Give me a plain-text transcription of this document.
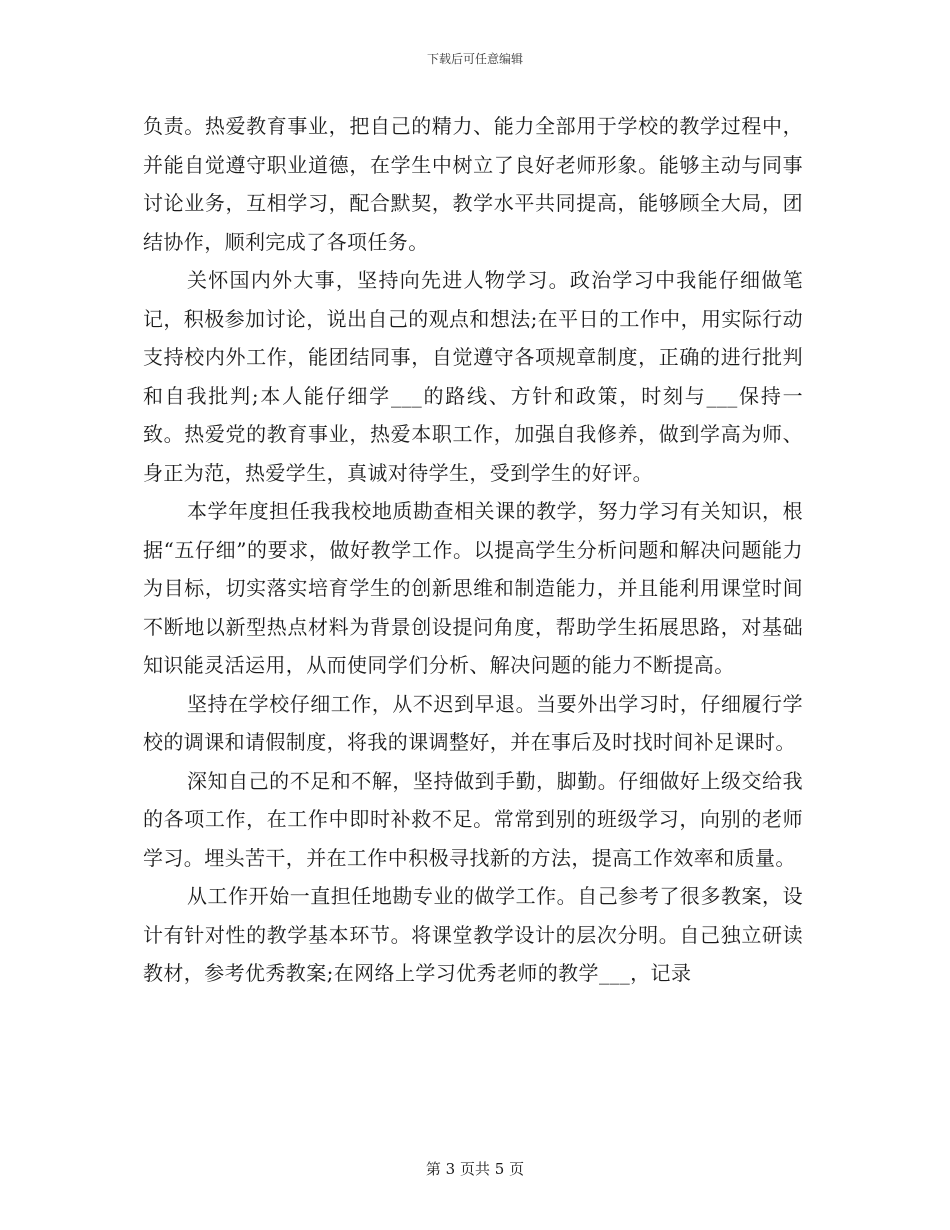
下载后可任意编辑

负责。热爱教育事业，把自己的精力、能力全部用于学校的教学过程中，并能自觉遵守职业道德，在学生中树立了良好老师形象。能够主动与同事讨论业务，互相学习，配合默契，教学水平共同提高，能够顾全大局，团结协作，顺利完成了各项任务。

关怀国内外大事，坚持向先进人物学习。政治学习中我能仔细做笔记，积极参加讨论，说出自己的观点和想法;在平日的工作中，用实际行动支持校内外工作，能团结同事，自觉遵守各项规章制度，正确的进行批判和自我批判;本人能仔细学___的路线、方针和政策，时刻与___保持一致。热爱党的教育事业，热爱本职工作，加强自我修养，做到学高为师、身正为范，热爱学生，真诚对待学生，受到学生的好评。

本学年度担任我我校地质勘查相关课的教学，努力学习有关知识，根据“五仔细”的要求，做好教学工作。以提高学生分析问题和解决问题能力为目标，切实落实培育学生的创新思维和制造能力，并且能利用课堂时间不断地以新型热点材料为背景创设提问角度，帮助学生拓展思路，对基础知识能灵活运用，从而使同学们分析、解决问题的能力不断提高。

坚持在学校仔细工作，从不迟到早退。当要外出学习时，仔细履行学校的调课和请假制度，将我的课调整好，并在事后及时找时间补足课时。

深知自己的不足和不解，坚持做到手勤，脚勤。仔细做好上级交给我的各项工作，在工作中即时补救不足。常常到别的班级学习，向别的老师学习。埋头苦干，并在工作中积极寻找新的方法，提高工作效率和质量。

从工作开始一直担任地勘专业的做学工作。自己参考了很多教案，设计有针对性的教学基本环节。将课堂教学设计的层次分明。自己独立研读教材，参考优秀教案;在网络上学习优秀老师的教学___，记录

第 3 页共 5 页
